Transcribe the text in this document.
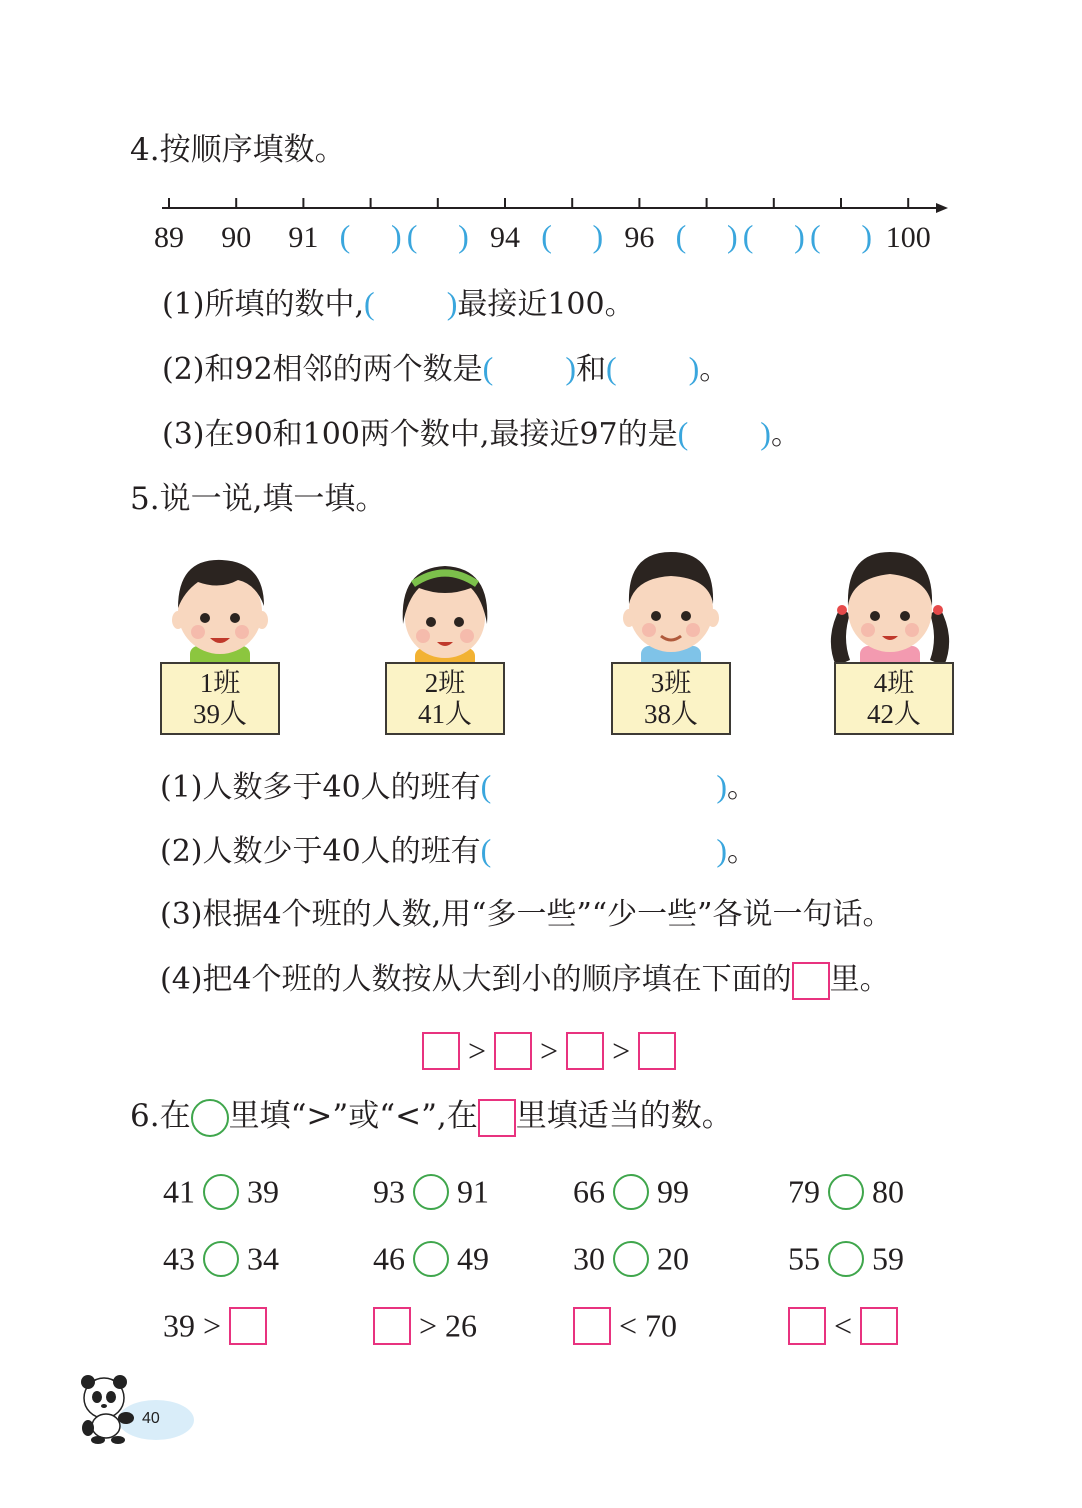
4.按顺序填数。
89	90	91 ( ) ( ) 94 ( ) 96 ( ) ( ) ( ) 100
(1)所填的数中,( )最接近100。
(2)和92相邻的两个数是( )和( )。
(3)在90和100两个数中,最接近97的是( )。
5.说一说,填一填。
1班
39人
2班
41人
3班
38人
4班
42人
(1)人数多于40人的班有(	)。
(2)人数少于40人的班有(	)。
(3)根据4个班的人数,用“多一些”“少一些”各说一句话。
(4)把4个班的人数按从大到小的顺序填在下面的 里。
> > >
6.在 里填“>”或“<”,在 里填适当的数。
41 39	93 91	66 99	79 80
43 34	46 49	30 20	55 59
39 >	> 26	< 70	<
40
